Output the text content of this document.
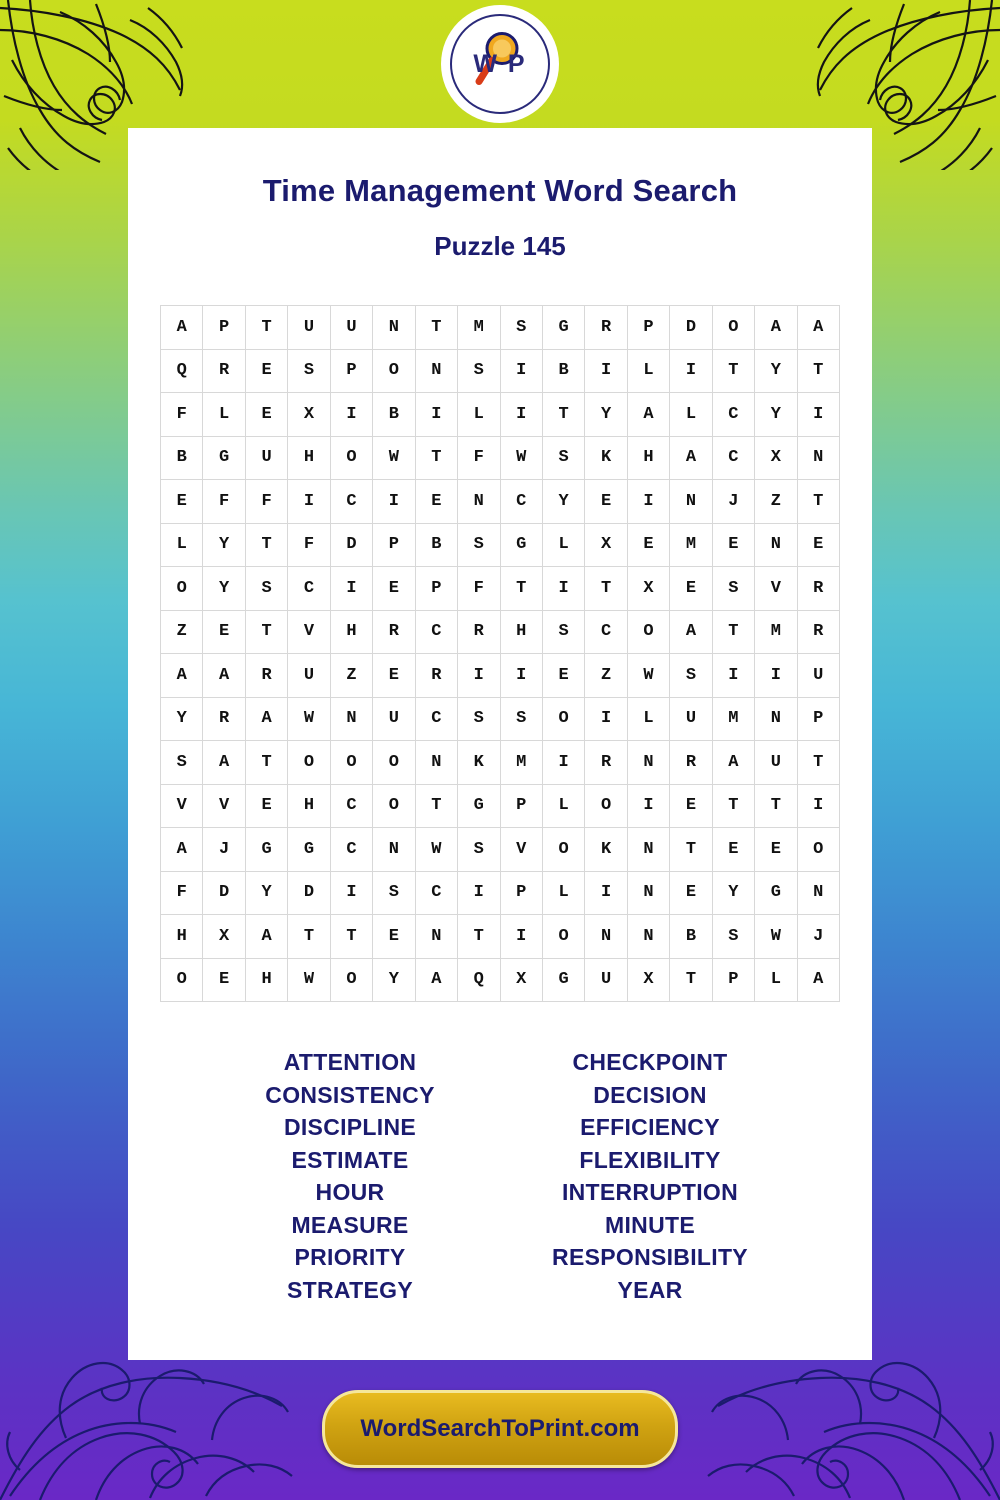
W P
Time Management Word Search
Puzzle 145
A	P	T	U	U	N	T	M	S	G	R	P	D	O	A	A
Q	R	E	S	P	O	N	S	I	B	I	L	I	T	Y	T
F	L	E	X	I	B	I	L	I	T	Y	A	L	C	Y	I
B	G	U	H	O	W	T	F	W	S	K	H	A	C	X	N
E	F	F	I	C	I	E	N	C	Y	E	I	N	J	Z	T
L	Y	T	F	D	P	B	S	G	L	X	E	M	E	N	E
O	Y	S	C	I	E	P	F	T	I	T	X	E	S	V	R
Z	E	T	V	H	R	C	R	H	S	C	O	A	T	M	R
A	A	R	U	Z	E	R	I	I	E	Z	W	S	I	I	U
Y	R	A	W	N	U	C	S	S	O	I	L	U	M	N	P
S	A	T	O	O	O	N	K	M	I	R	N	R	A	U	T
V	V	E	H	C	O	T	G	P	L	O	I	E	T	T	I
A	J	G	G	C	N	W	S	V	O	K	N	T	E	E	O
F	D	Y	D	I	S	C	I	P	L	I	N	E	Y	G	N
H	X	A	T	T	E	N	T	I	O	N	N	B	S	W	J
O	E	H	W	O	Y	A	Q	X	G	U	X	T	P	L	A
ATTENTION
CONSISTENCY
DISCIPLINE
ESTIMATE
HOUR
MEASURE
PRIORITY
STRATEGY
CHECKPOINT
DECISION
EFFICIENCY
FLEXIBILITY
INTERRUPTION
MINUTE
RESPONSIBILITY
YEAR
WordSearchToPrint.com
